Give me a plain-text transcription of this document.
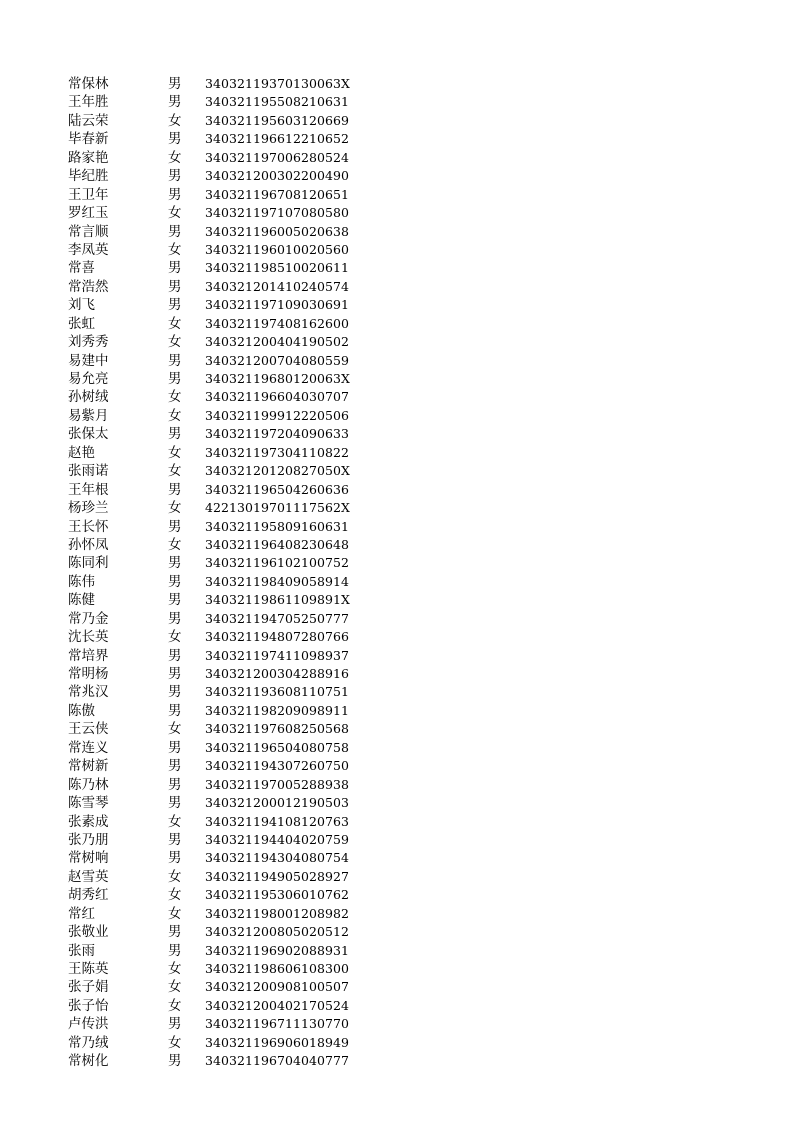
常保林	男 34032119370130063X
王年胜	男 340321195508210631
陆云荣	女 340321195603120669
毕春新	男 340321196612210652
路家艳	女 340321197006280524
毕纪胜	男 340321200302200490
王卫年	男 340321196708120651
罗红玉	女 340321197107080580
常言顺	男 340321196005020638
李凤英	女 340321196010020560
常喜	男 340321198510020611
常浩然	男 340321201410240574
刘飞	男 340321197109030691
张虹	女 340321197408162600
刘秀秀	女 340321200404190502
易建中	男 340321200704080559
易允亮	男 34032119680120063X
孙树绒	女 340321196604030707
易紫月	女 340321199912220506
张保太	男 340321197204090633
赵艳	女 340321197304110822
张雨诺	女 34032120120827050X
王年根	男 340321196504260636
杨珍兰	女 42213019701117562X
王长怀	男 340321195809160631
孙怀凤	女 340321196408230648
陈同利	男 340321196102100752
陈伟	男 340321198409058914
陈健	男 34032119861109891X
常乃金	男 340321194705250777
沈长英	女 340321194807280766
常培界	男 340321197411098937
常明杨	男 340321200304288916
常兆汉	男 340321193608110751
陈傲	男 340321198209098911
王云侠	女 340321197608250568
常连义	男 340321196504080758
常树新	男 340321194307260750
陈乃林	男 340321197005288938
陈雪琴	男 340321200012190503
张素成	女 340321194108120763
张乃朋	男 340321194404020759
常树响	男 340321194304080754
赵雪英	女 340321194905028927
胡秀红	女 340321195306010762
常红	女 340321198001208982
张敬业	男 340321200805020512
张雨	男 340321196902088931
王陈英	女 340321198606108300
张子娟	女 340321200908100507
张子怡	女 340321200402170524
卢传洪	男 340321196711130770
常乃绒	女 340321196906018949
常树化	男 340321196704040777
